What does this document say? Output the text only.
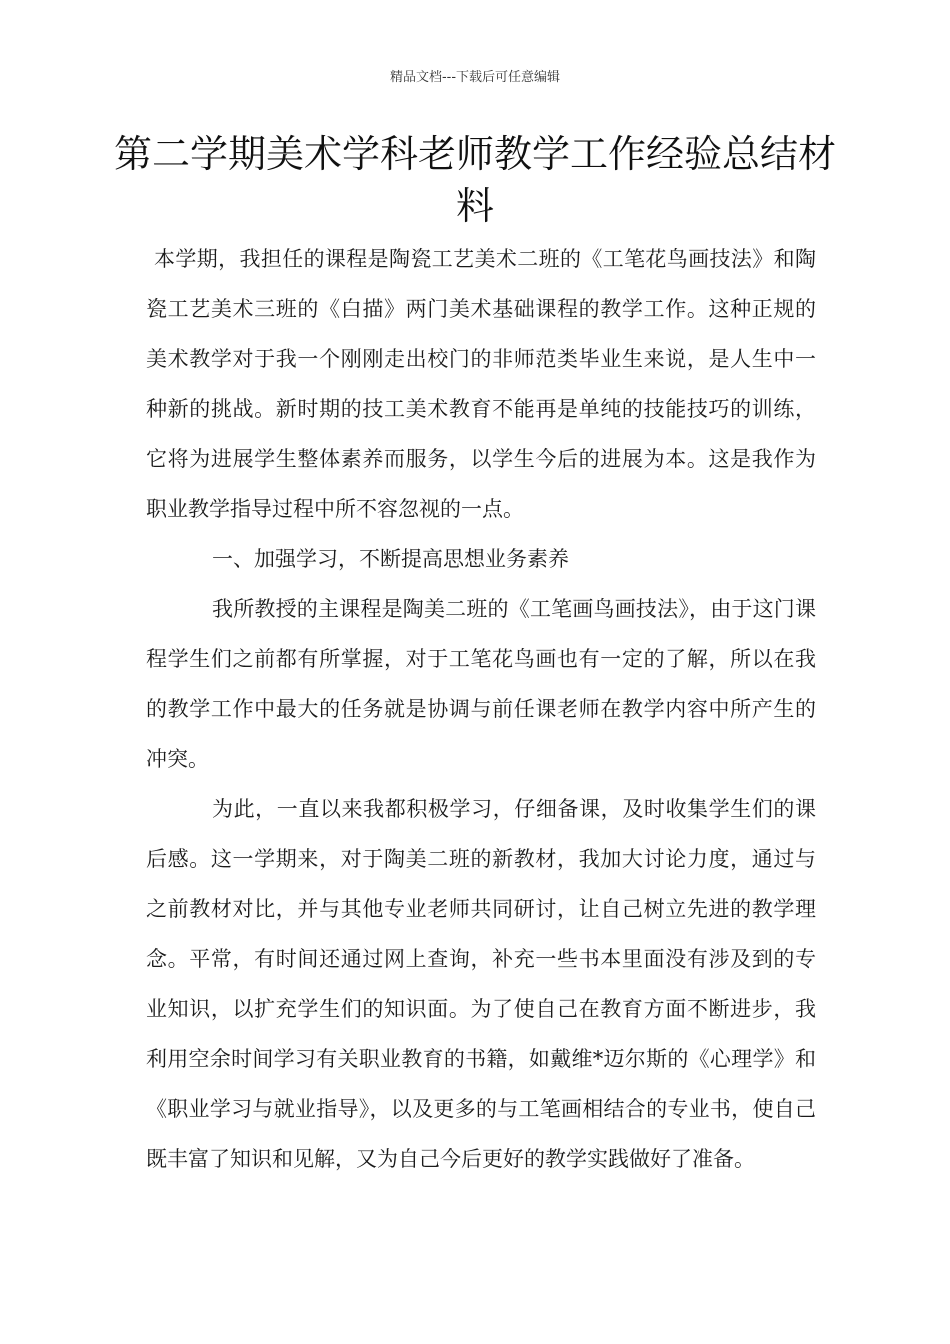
精品文档---下载后可任意编辑
第二学期美术学科老师教学工作经验总结材料

本学期，我担任的课程是陶瓷工艺美术二班的《工笔花鸟画技法》和陶瓷工艺美术三班的《白描》两门美术基础课程的教学工作。这种正规的美术教学对于我一个刚刚走出校门的非师范类毕业生来说，是人生中一种新的挑战。新时期的技工美术教育不能再是单纯的技能技巧的训练，它将为进展学生整体素养而服务，以学生今后的进展为本。这是我作为职业教学指导过程中所不容忽视的一点。

一、加强学习，不断提高思想业务素养

我所教授的主课程是陶美二班的《工笔画鸟画技法》，由于这门课程学生们之前都有所掌握，对于工笔花鸟画也有一定的了解，所以在我的教学工作中最大的任务就是协调与前任课老师在教学内容中所产生的冲突。

为此，一直以来我都积极学习，仔细备课，及时收集学生们的课后感。这一学期来，对于陶美二班的新教材，我加大讨论力度，通过与之前教材对比，并与其他专业老师共同研讨，让自己树立先进的教学理念。平常，有时间还通过网上查询，补充一些书本里面没有涉及到的专业知识，以扩充学生们的知识面。为了使自己在教育方面不断进步，我利用空余时间学习有关职业教育的书籍，如戴维*迈尔斯的《心理学》和《职业学习与就业指导》，以及更多的与工笔画相结合的专业书，使自己既丰富了知识和见解，又为自己今后更好的教学实践做好了准备。
